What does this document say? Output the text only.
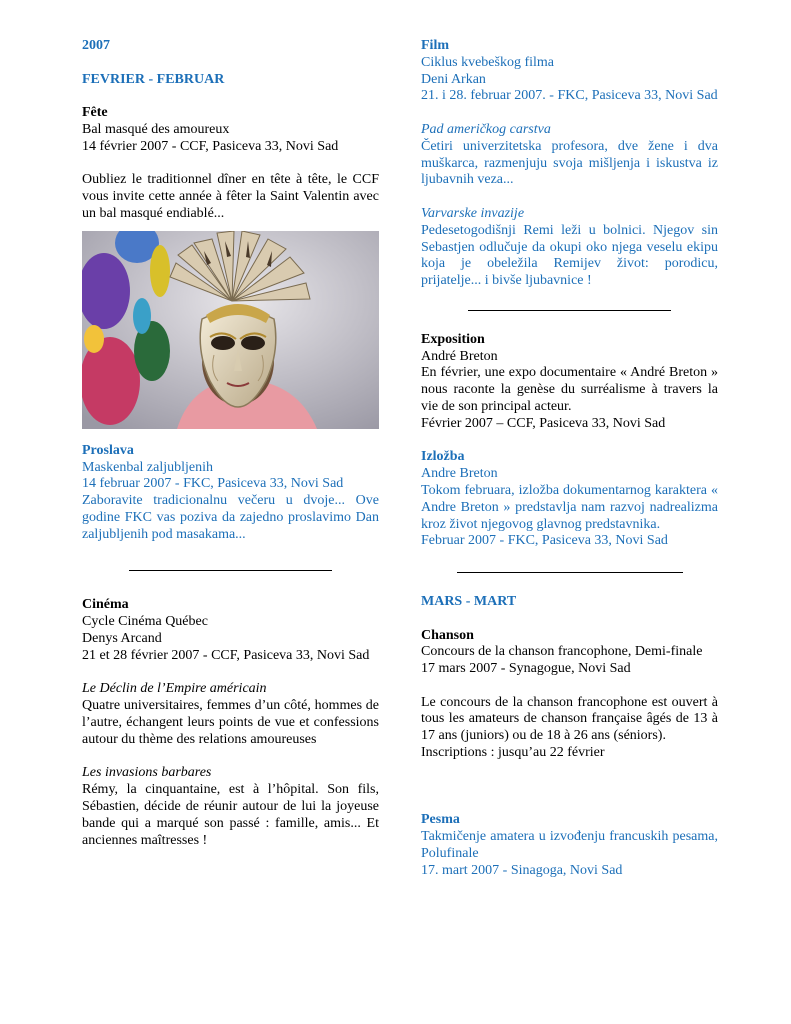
2007

FEVRIER - FEBRUAR

Fête

Bal masqué des amoureux

14 février 2007 - CCF, Pasiceva 33, Novi Sad

Oubliez le traditionnel dîner en tête à tête, le CCF vous invite cette année à fêter la Saint Valentin avec un bal masqué endiablé...

Proslava

Maskenbal zaljubljenih

14 februar 2007 - FKC, Pasiceva 33, Novi Sad

Zaboravite tradicionalnu večeru u dvoje... Ove godine FKC vas poziva da zajedno proslavimo Dan zaljubljenih pod masakama...

Cinéma

Cycle Cinéma Québec

Denys Arcand

21 et 28 février 2007 - CCF, Pasiceva 33, Novi Sad

Le Déclin de l’Empire américain

Quatre universitaires, femmes d’un côté, hommes de l’autre, échangent leurs points de vue et confessions autour du thème des relations amoureuses

Les invasions barbares

Rémy, la cinquantaine, est à l’hôpital. Son fils, Sébastien, décide de réunir autour de lui la joyeuse bande qui a marqué son passé : famille, amis... Et anciennes maîtresses !

Film

Ciklus kvebeškog filma

Deni Arkan

21. i 28. februar 2007. - FKC, Pasiceva 33, Novi Sad

Pad američkog carstva

Četiri univerzitetska profesora, dve žene i dva muškarca, razmenjuju svoja mišljenja i iskustva iz ljubavnih veza...

Varvarske invazije

Pedesetogodišnji Remi leži u bolnici. Njegov sin Sebastjen odlučuje da okupi oko njega veselu ekipu koja je obeležila Remijev život: porodicu, prijatelje... i bivše ljubavnice !

Exposition

André Breton

En février, une expo documentaire « André Breton » nous raconte la genèse du surréalisme à travers la vie de son principal acteur.

Février 2007 – CCF, Pasiceva 33, Novi Sad

Izložba

Andre Breton

Tokom februara, izložba dokumentarnog karaktera « Andre Breton » predstavlja nam razvoj nadrealizma kroz život njegovog glavnog predstavnika.

Februar 2007 - FKC, Pasiceva 33, Novi Sad

MARS - MART

Chanson

Concours de la chanson francophone, Demi-finale

17 mars 2007 - Synagogue, Novi Sad

Le concours de la chanson francophone est ouvert à tous les amateurs de chanson française âgés de 13 à 17 ans (juniors) ou de 18 à 26 ans (séniors).

Inscriptions : jusqu’au 22 février

Pesma

Takmičenje amatera u izvođenju francuskih pesama, Polufinale

17. mart 2007 - Sinagoga, Novi Sad
